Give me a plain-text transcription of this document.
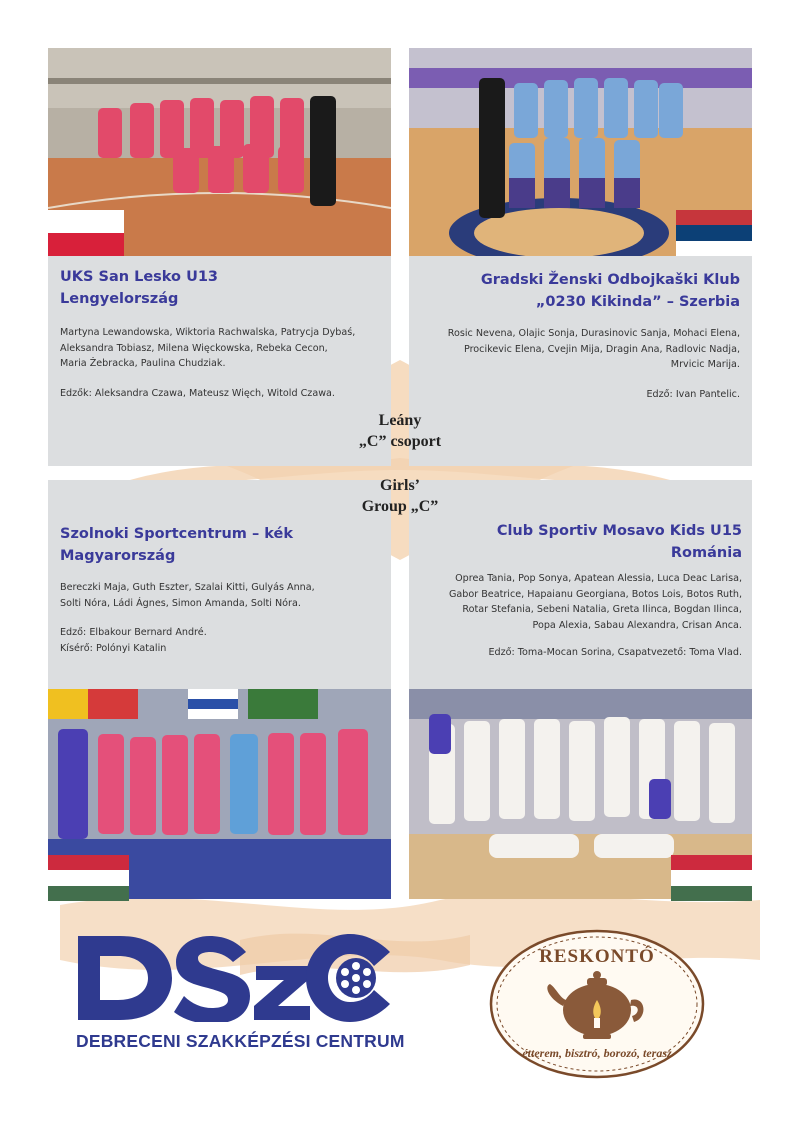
UKS San Lesko U13
Lengyelország
Martyna Lewandowska, Wiktoria Rachwalska, Patrycja Dybaś,
Aleksandra Tobiasz, Milena Więckowska, Rebeka Cecon,
Maria Żebracka, Paulina Chudziak.
Edzők: Aleksandra Czawa, Mateusz Więch, Witold Czawa.
Gradski Ženski Odbojkaški Klub
„0230 Kikinda” – Szerbia
Rosic Nevena, Olajic Sonja, Durasinovic Sanja, Mohaci Elena,
Procikevic Elena, Cvejin Mija, Dragin Ana, Radlovic Nadja,
Mrvicic Marija.
Edző: Ivan Pantelic.
Szolnoki Sportcentrum – kék
Magyarország
Bereczki Maja, Guth Eszter, Szalai Kitti, Gulyás Anna,
Solti Nóra, Ládi Ágnes, Simon Amanda, Solti Nóra.
Edző: Elbakour Bernard André.
Kísérő: Polónyi Katalin
Club Sportiv Mosavo Kids U15
Románia
Oprea Tania, Pop Sonya, Apatean Alessia, Luca Deac Larisa,
Gabor Beatrice, Hapaianu Georgiana, Botos Lois, Botos Ruth,
Rotar Stefania, Sebeni Natalia, Greta Ilinca, Bogdan Ilinca,
Popa Alexia, Sabau Alexandra, Crisan Anca.
Edző: Toma-Mocan Sorina, Csapatvezető: Toma Vlad.
Leány
„C” csoport
Girls’
Group „C”
DEBRECENI SZAKKÉPZÉSI CENTRUM
RESKONTÓ
étterem, bisztró, borozó, terasz
